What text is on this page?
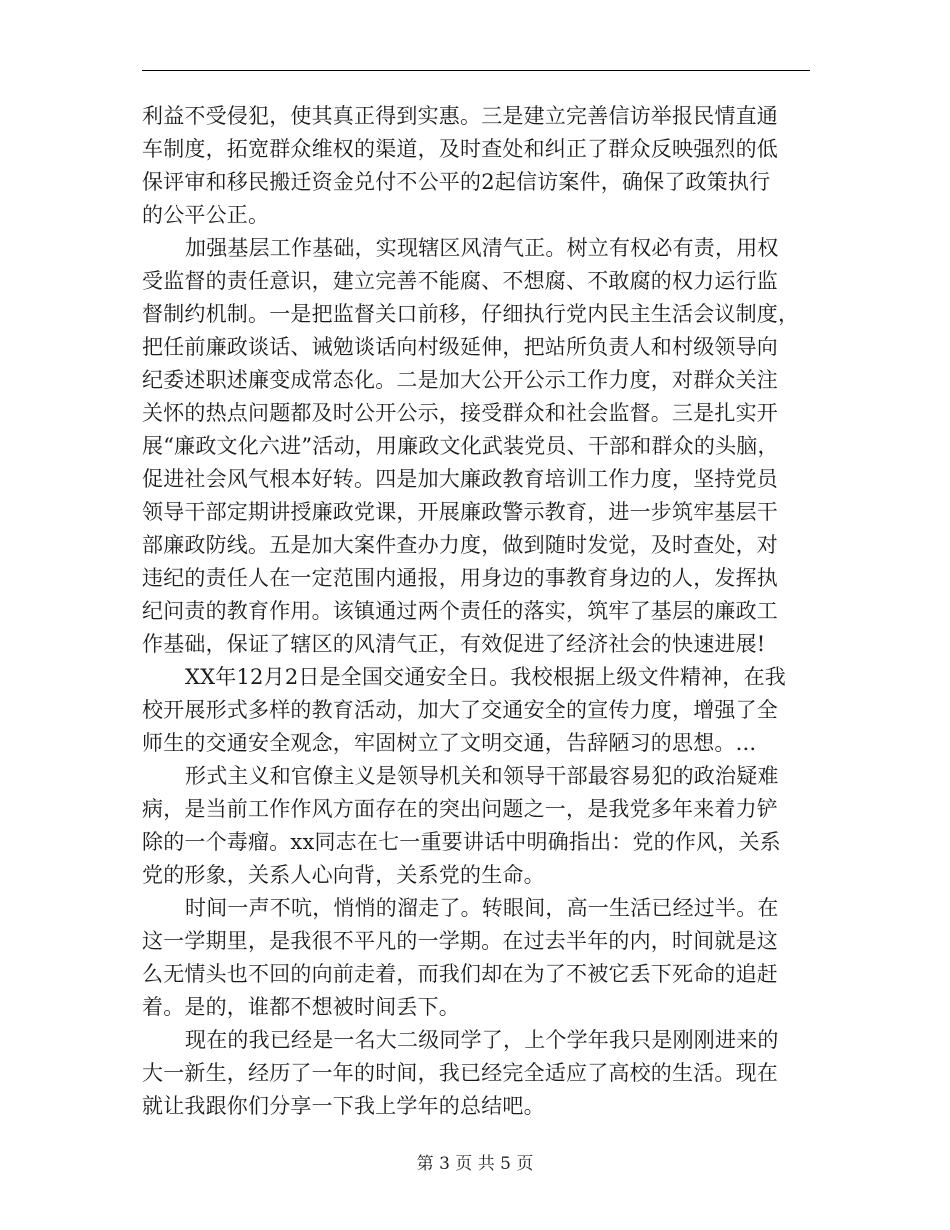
利益不受侵犯，使其真正得到实惠。三是建立完善信访举报民情直通
车制度，拓宽群众维权的渠道，及时查处和纠正了群众反映强烈的低
保评审和移民搬迁资金兑付不公平的2起信访案件，确保了政策执行
的公平公正。
加强基层工作基础，实现辖区风清气正。树立有权必有责，用权
受监督的责任意识，建立完善不能腐、不想腐、不敢腐的权力运行监
督制约机制。一是把监督关口前移，仔细执行党内民主生活会议制度，
把任前廉政谈话、诫勉谈话向村级延伸，把站所负责人和村级领导向
纪委述职述廉变成常态化。二是加大公开公示工作力度，对群众关注
关怀的热点问题都及时公开公示，接受群众和社会监督。三是扎实开
展“廉政文化六进”活动，用廉政文化武装党员、干部和群众的头脑，
促进社会风气根本好转。四是加大廉政教育培训工作力度，坚持党员
领导干部定期讲授廉政党课，开展廉政警示教育，进一步筑牢基层干
部廉政防线。五是加大案件查办力度，做到随时发觉，及时查处，对
违纪的责任人在一定范围内通报，用身边的事教育身边的人，发挥执
纪问责的教育作用。该镇通过两个责任的落实，筑牢了基层的廉政工
作基础，保证了辖区的风清气正，有效促进了经济社会的快速进展!
XX年12月2日是全国交通安全日。我校根据上级文件精神，在我
校开展形式多样的教育活动，加大了交通安全的宣传力度，增强了全
师生的交通安全观念，牢固树立了文明交通，告辞陋习的思想。...
形式主义和官僚主义是领导机关和领导干部最容易犯的政治疑难
病，是当前工作作风方面存在的突出问题之一，是我党多年来着力铲
除的一个毒瘤。xx同志在七一重要讲话中明确指出：党的作风，关系
党的形象，关系人心向背，关系党的生命。
时间一声不吭，悄悄的溜走了。转眼间，高一生活已经过半。在
这一学期里，是我很不平凡的一学期。在过去半年的内，时间就是这
么无情头也不回的向前走着，而我们却在为了不被它丢下死命的追赶
着。是的，谁都不想被时间丢下。
现在的我已经是一名大二级同学了，上个学年我只是刚刚进来的
大一新生，经历了一年的时间，我已经完全适应了高校的生活。现在
就让我跟你们分享一下我上学年的总结吧。
第 3 页 共 5 页
